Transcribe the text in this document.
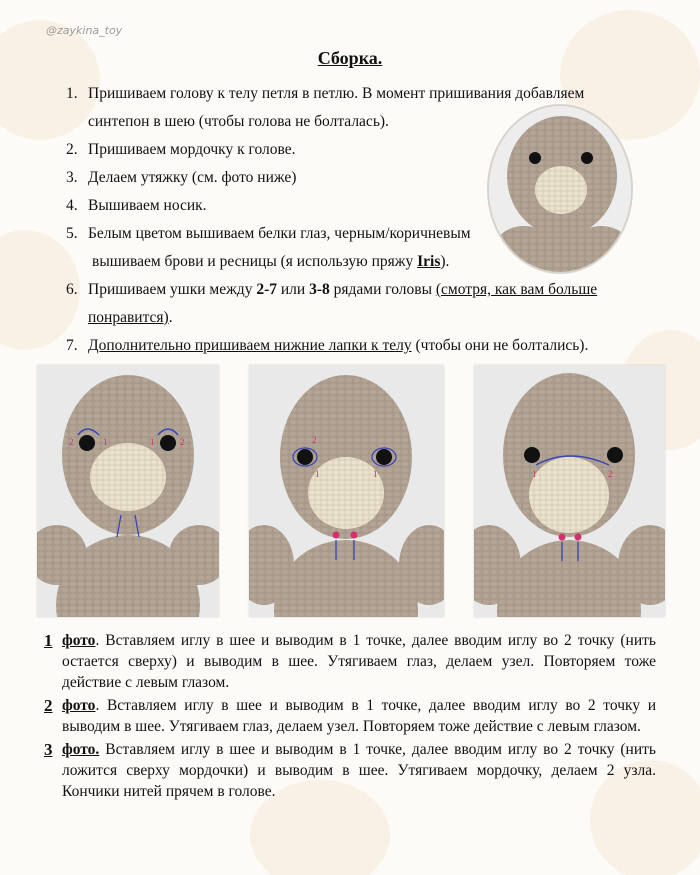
@zaykina_toy
Сборка.
1. Пришиваем голову к телу петля в петлю. В момент пришивания добавляем
синтепон в шею (чтобы голова не болталась).
2. Пришиваем мордочку к голове.
3. Делаем утяжку (см. фото ниже)
4. Вышиваем носик.
5. Белым цветом вышиваем белки глаз, черным/коричневым
вышиваем брови и ресницы (я использую пряжу Iris).
6. Пришиваем ушки между 2-7 или 3-8 рядами головы (смотря, как вам больше
понравится).
7. Дополнительно пришиваем нижние лапки к телу (чтобы они не болтались).
2	1	1	2	2
1	1	1	2
1 фото. Вставляем иглу в шее и выводим в 1 точке, далее вводим иглу во 2 точку (нить остается сверху) и выводим в шее. Утягиваем глаз, делаем узел. Повторяем тоже действие с левым глазом.
2 фото. Вставляем иглу в шее и выводим в 1 точке, далее вводим иглу во 2 точку и выводим в шее. Утягиваем глаз, делаем узел. Повторяем тоже действие с левым глазом.
3 фото. Вставляем иглу в шее и выводим в 1 точке, далее вводим иглу во 2 точку (нить ложится сверху мордочки) и выводим в шее. Утягиваем мордочку, делаем 2 узла. Кончики нитей прячем в голове.
